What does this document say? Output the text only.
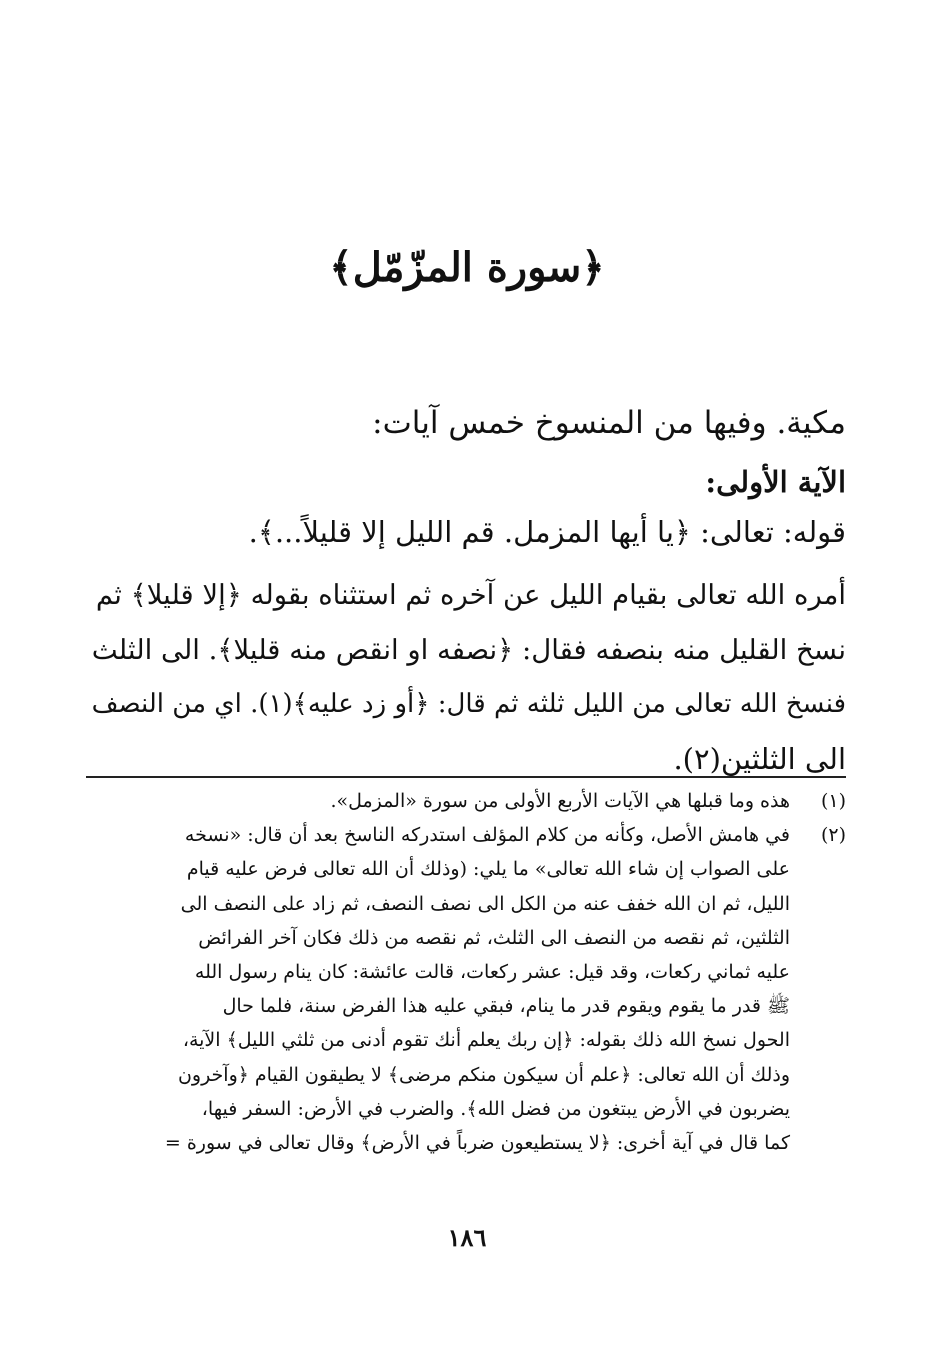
﴿سورة المزّمّل﴾
مكية. وفيها من المنسوخ خمس آيات:
الآية الأولى:
قوله: تعالى: ﴿يا أيها المزمل. قم الليل إلا قليلاً...﴾.
أمره الله تعالى بقيام الليل عن آخره ثم استثناه بقوله ﴿إلا قليلا﴾ ثم
نسخ القليل منه بنصفه فقال: ﴿نصفه او انقص منه قليلا﴾. الى الثلث
فنسخ الله تعالى من الليل ثلثه ثم قال: ﴿أو زد عليه﴾(١). اي من النصف
الى الثلثين(٢).
(١)
هذه وما قبلها هي الآيات الأربع الأولى من سورة «المزمل».
(٢)
في هامش الأصل، وكأنه من كلام المؤلف استدركه الناسخ بعد أن قال: «نسخه
على الصواب إن شاء الله تعالى» ما يلي: (وذلك أن الله تعالى فرض عليه قيام
الليل، ثم ان الله خفف عنه من الكل الى نصف النصف، ثم زاد على النصف الى
الثلثين، ثم نقصه من النصف الى الثلث، ثم نقصه من ذلك فكان آخر الفرائض
عليه ثماني ركعات، وقد قيل: عشر ركعات، قالت عائشة: كان ينام رسول الله
ﷺ قدر ما يقوم ويقوم قدر ما ينام، فبقي عليه هذا الفرض سنة، فلما حال
الحول نسخ الله ذلك بقوله: ﴿إن ربك يعلم أنك تقوم أدنى من ثلثي الليل﴾ الآية،
وذلك أن الله تعالى: ﴿علم أن سيكون منكم مرضى﴾ لا يطيقون القيام ﴿وآخرون
يضربون في الأرض يبتغون من فضل الله﴾. والضرب في الأرض: السفر فيها،
كما قال في آية أخرى: ﴿لا يستطيعون ضرباً في الأرض﴾ وقال تعالى في سورة =
١٨٦
